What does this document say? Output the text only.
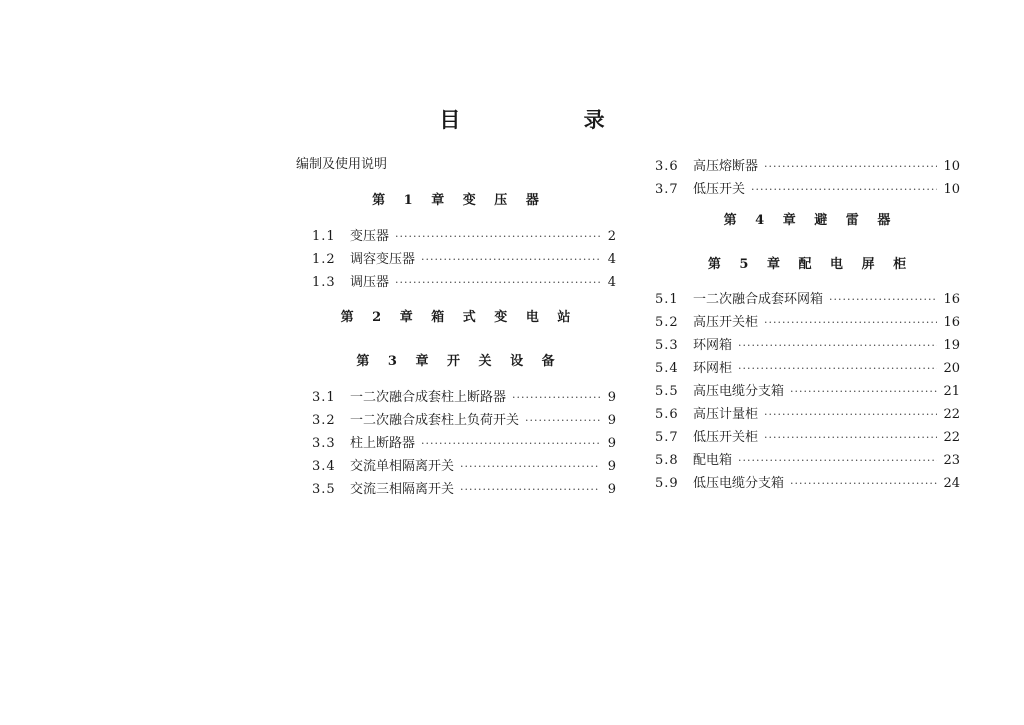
目 录
编制及使用说明
第 1 章 变 压 器
1.1	变压器 ·····	2
1.2	调容变压器 ·····	4
1.3	调压器 ·····	4
第 2 章 箱 式 变 电 站
第 3 章 开 关 设 备
3.1	一二次融合成套柱上断路器 ·····	9
3.2	一二次融合成套柱上负荷开关 ·····	9
3.3	柱上断路器 ·····	9
3.4	交流单相隔离开关 ·····	9
3.5	交流三相隔离开关 ·····	9
3.6	高压熔断器 ·····	10
3.7	低压开关 ·····	10
第 4 章 避 雷 器
第 5 章 配 电 屏 柜
5.1	一二次融合成套环网箱 ·····	16
5.2	高压开关柜 ·····	16
5.3	环网箱 ·····	19
5.4	环网柜 ·····	20
5.5	高压电缆分支箱 ·····	21
5.6	高压计量柜 ·····	22
5.7	低压开关柜 ·····	22
5.8	配电箱 ·····	23
5.9	低压电缆分支箱 ·····	24
